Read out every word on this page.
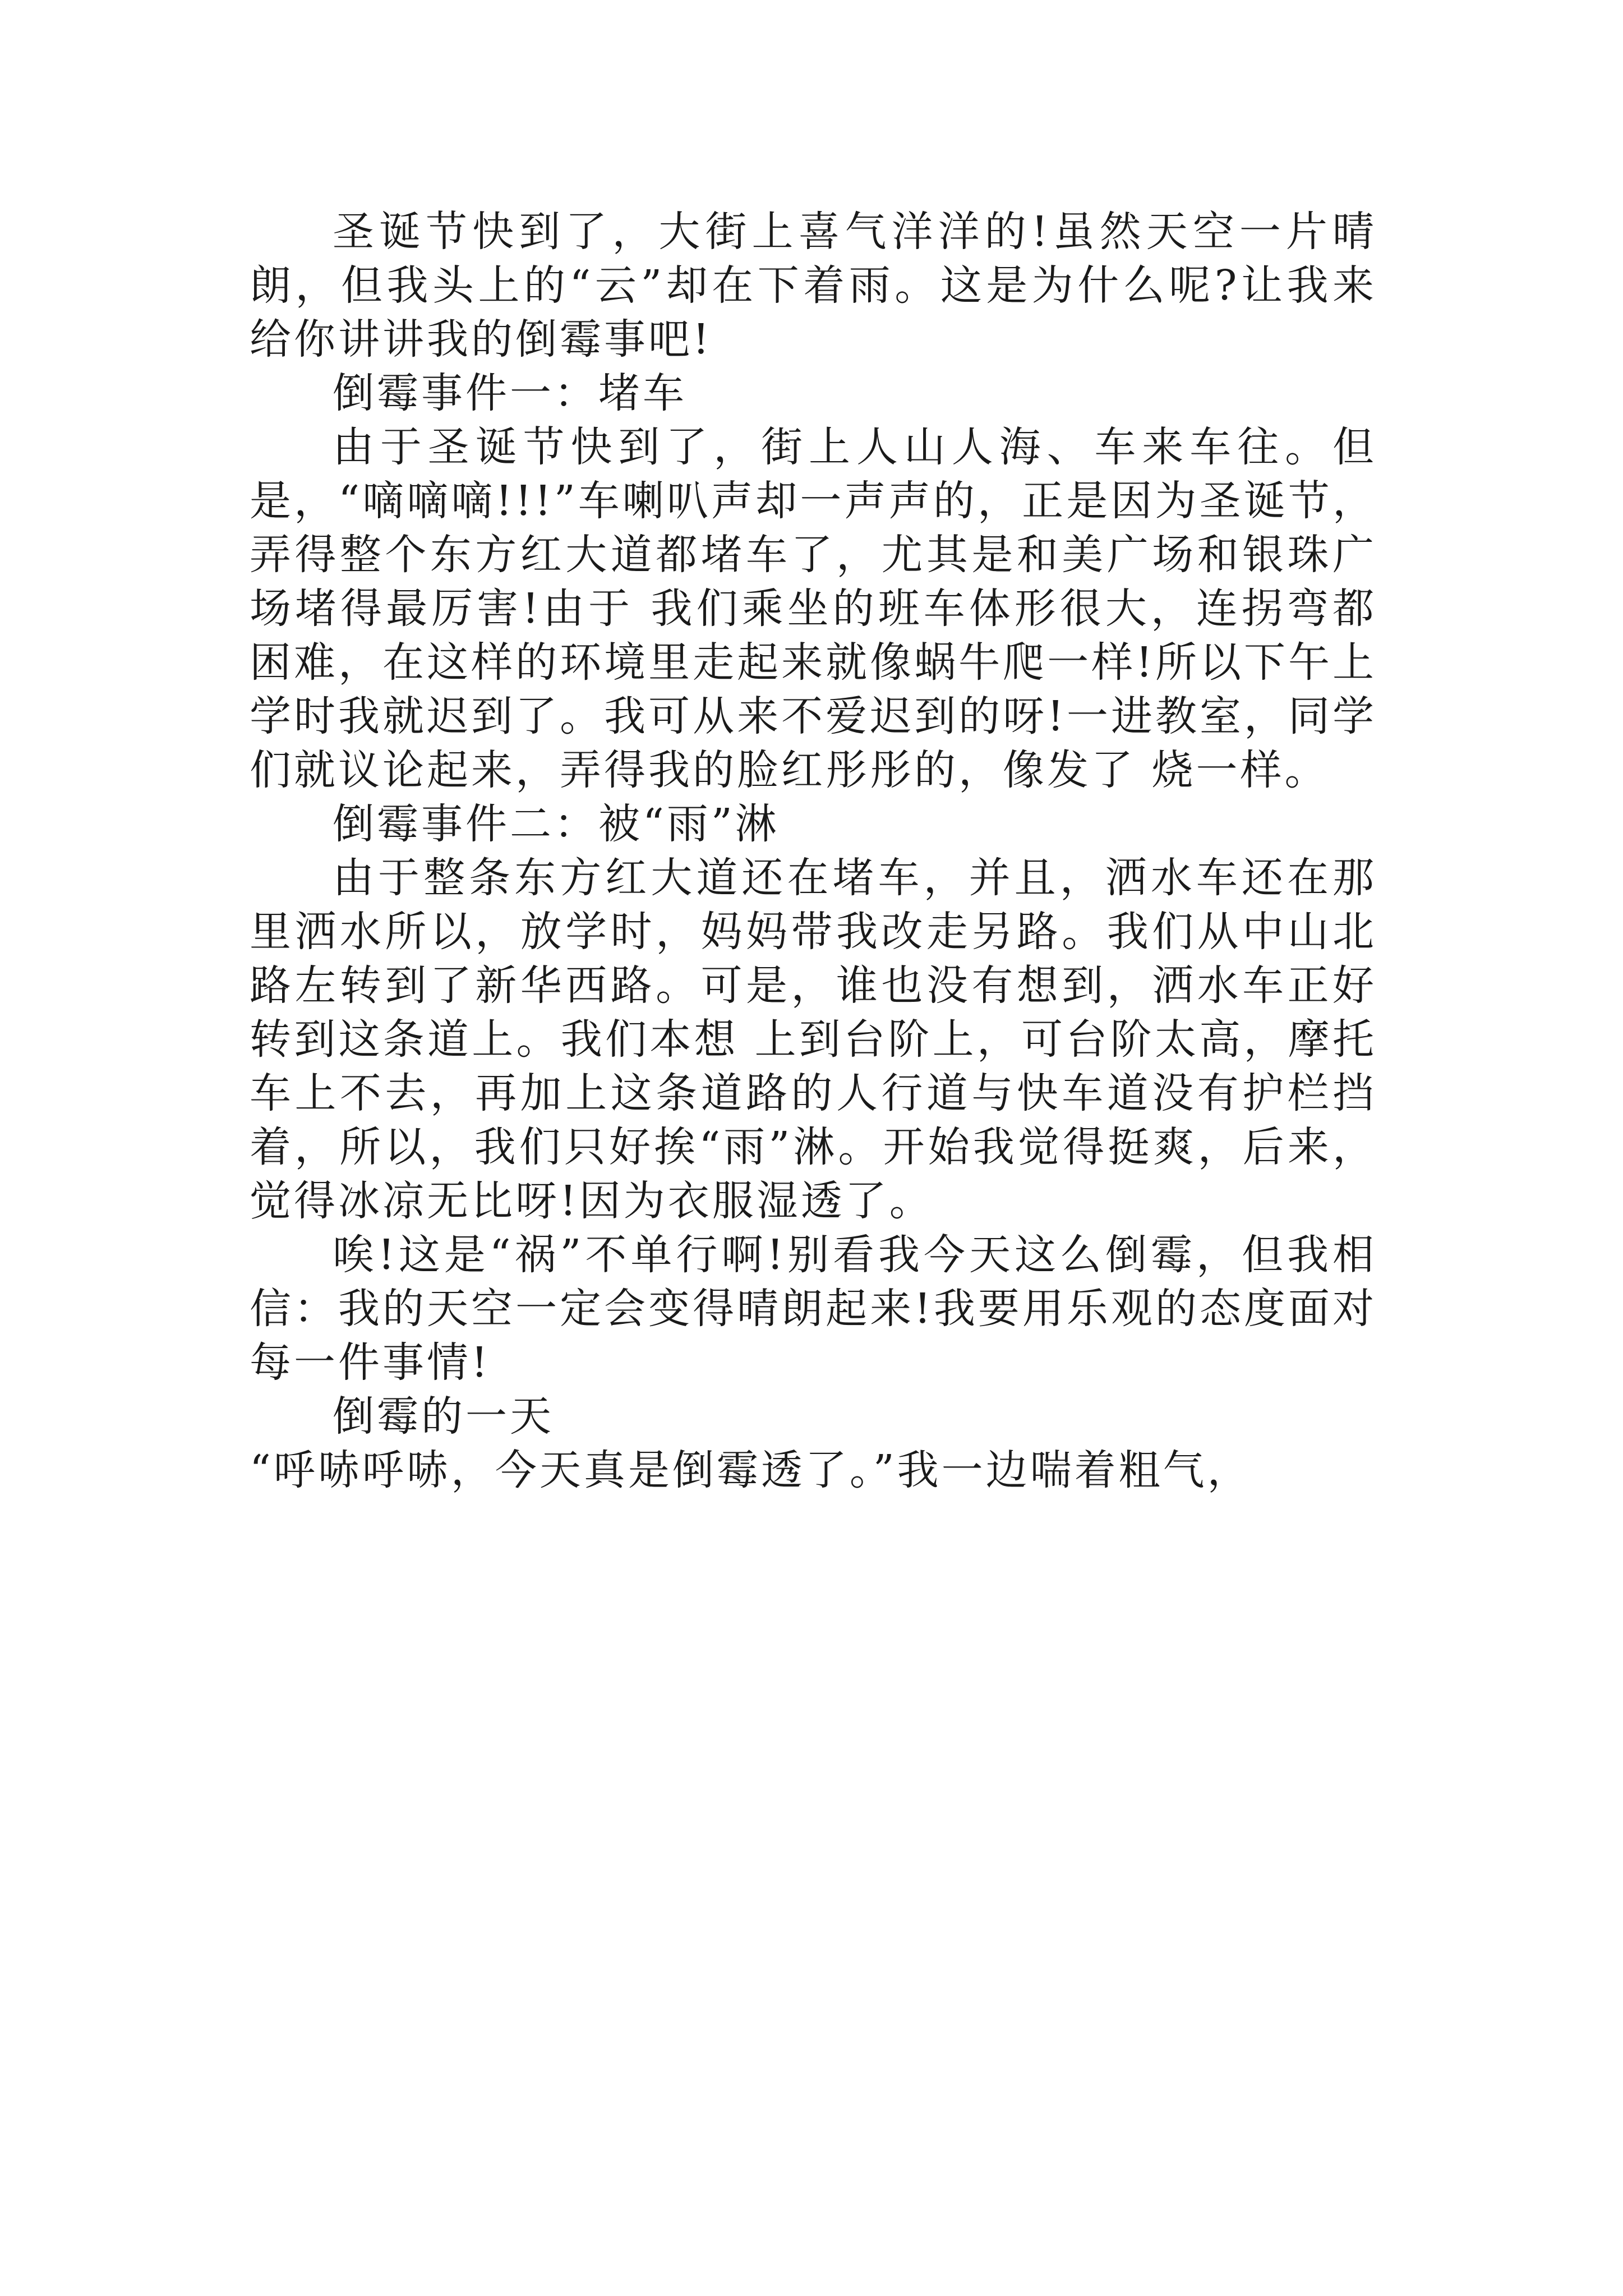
圣诞节快到了，大街上喜气洋洋的!虽然天空一片晴朗，但我头上的“云”却在下着雨。这是为什么呢?让我来给你讲讲我的倒霉事吧!

倒霉事件一：堵车

由于圣诞节快到了，街上人山人海、车来车往。但是，“嘀嘀嘀!!!”车喇叭声却一声声的，正是因为圣诞节，弄得整个东方红大道都堵车了，尤其是和美广场和银珠广场堵得最厉害!由于 我们乘坐的班车体形很大，连拐弯都困难，在这样的环境里走起来就像蜗牛爬一样!所以下午上学时我就迟到了。我可从来不爱迟到的呀!一进教室，同学们就议论起来，弄得我的脸红彤彤的，像发了 烧一样。

倒霉事件二：被“雨”淋

由于整条东方红大道还在堵车，并且，洒水车还在那里洒水所以，放学时，妈妈带我改走另路。我们从中山北路左转到了新华西路。可是，谁也没有想到，洒水车正好转到这条道上。我们本想 上到台阶上，可台阶太高，摩托车上不去，再加上这条道路的人行道与快车道没有护栏挡着，所以，我们只好挨“雨”淋。开始我觉得挺爽，后来，觉得冰凉无比呀!因为衣服湿透了。

唉!这是“祸”不单行啊!别看我今天这么倒霉，但我相信：我的天空一定会变得晴朗起来!我要用乐观的态度面对每一件事情!

倒霉的一天

“呼哧呼哧，今天真是倒霉透了。”我一边喘着粗气，
